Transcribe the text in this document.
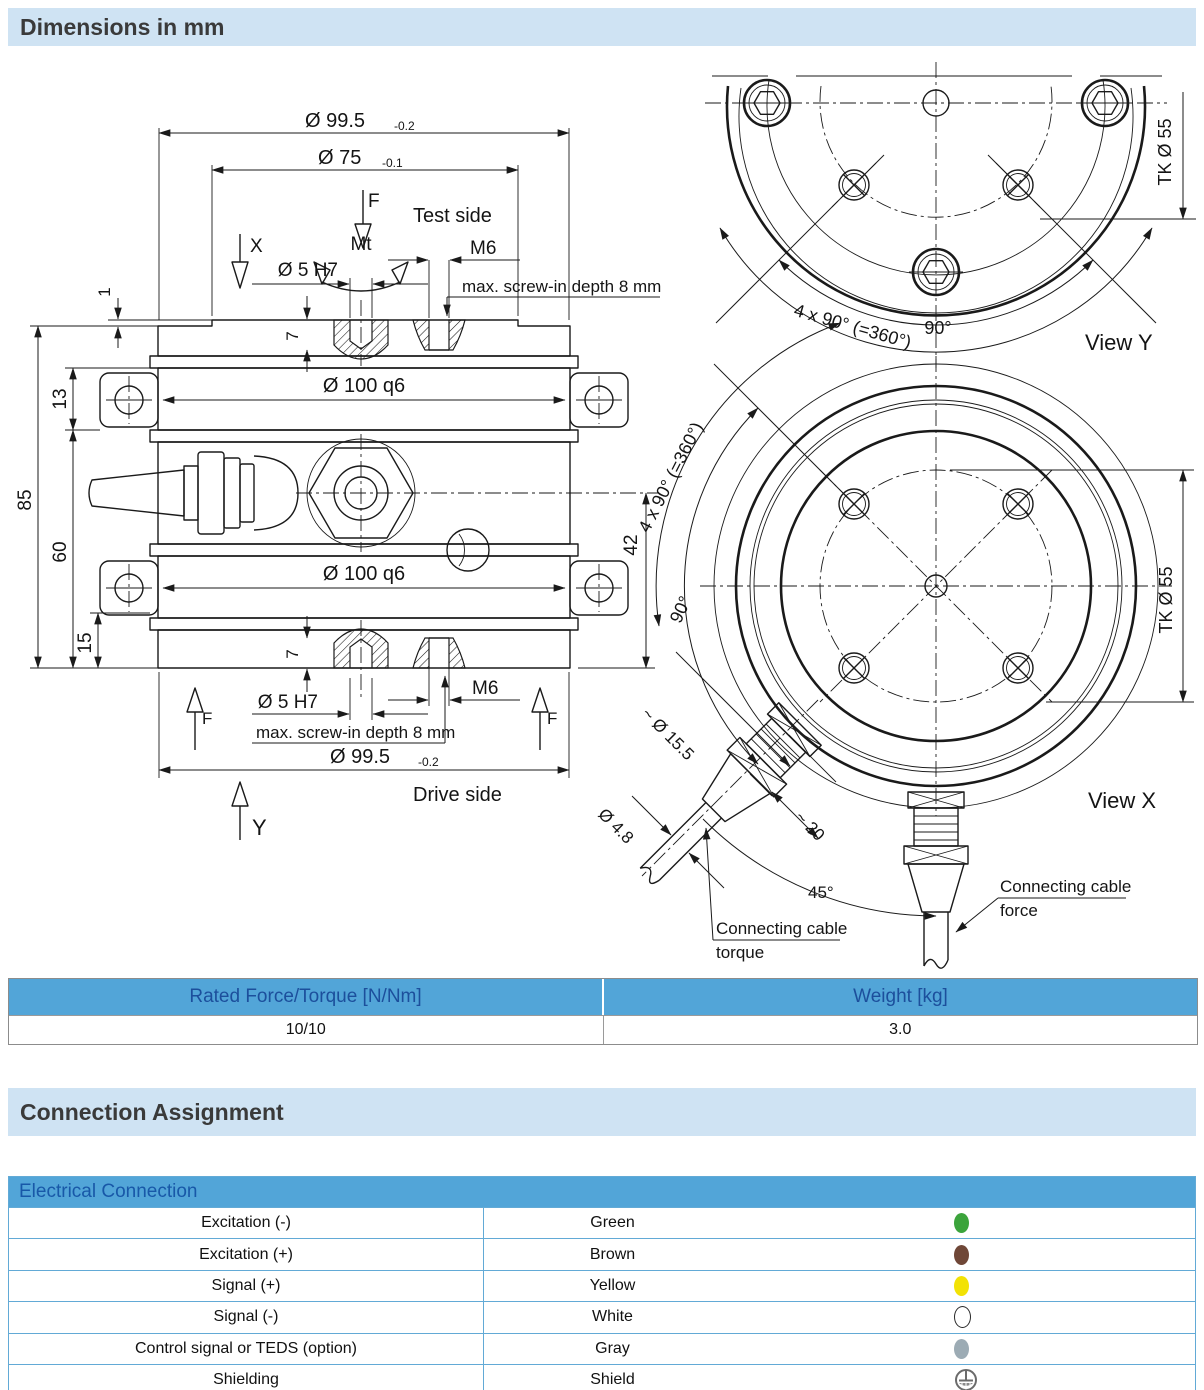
Dimensions in mm
Ø 99.5 -0.2
Ø 75 -0.1
F
Test side
X	Mt
Ø 5 H7
M6
max. screw-in depth 8 mm
1
13
85
60
15
7
7
Ø 100 q6
Ø 100 q6
42
Ø 5 H7
M6
F	F
max. screw-in depth 8 mm
Ø 99.5 -0.2
Drive side
Y
4 x 90° (=360°) 90°
TK Ø 55
View Y
4 x 90° (=360°)
90°	TK Ø 55
View X
Connecting cable
force
~ Ø 15.5
~ 20
Ø 4.8
45°
Connecting cable
torque
Rated Force/Torque [N/Nm]	Weight [kg]
10/10	3.0
Connection Assignment
Electrical Connection
Excitation (-)	Green
Excitation (+)	Brown
Signal (+)	Yellow
Signal (-)	White
Control signal or TEDS (option)	Gray
Shielding	Shield
